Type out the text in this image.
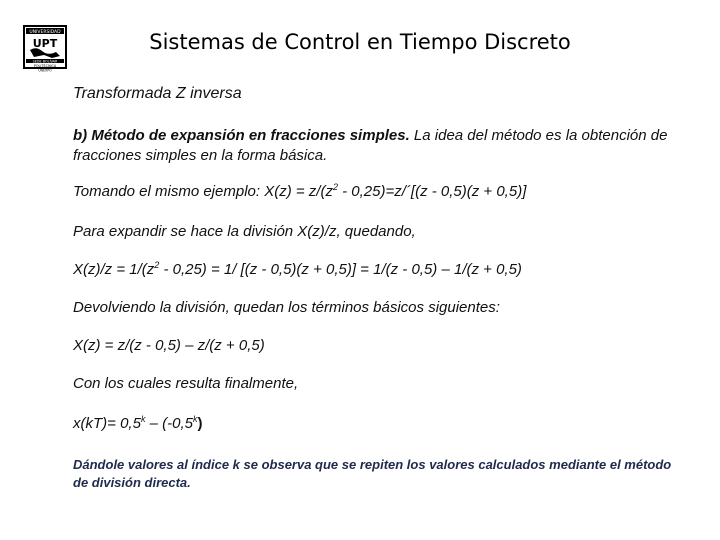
UNIVERSIDAD
UPT
SEDE BOLÍVAR
POLITÉCNICA
UNEXPO
Sistemas de Control en Tiempo Discreto
Transformada Z inversa
b) Método de expansión en fracciones simples. La idea del método es la obtención de fracciones simples en la forma básica.
Tomando el mismo ejemplo: $X(z) = z/(z^2$ - 0,25)=z/´[(z - 0,5)(z + 0,5)]
Para expandir se hace la división X(z)/z, quedando,
$X(z)/z = 1/(z^2 - 0,25) = 1/$ [(z - 0,5)(z + 0,5)] = 1/(z - 0,5) – 1/(z + 0,5)
Devolviendo la división, quedan los términos básicos siguientes:
X(z) = z/(z - 0,5) – z/(z + 0,5)
Con los cuales resulta finalmente,
$x(kT)= 0,5^k - (-0,5^k)$
Dándole valores al índice k se observa que se repiten los valores calculados mediante el método de división directa.
